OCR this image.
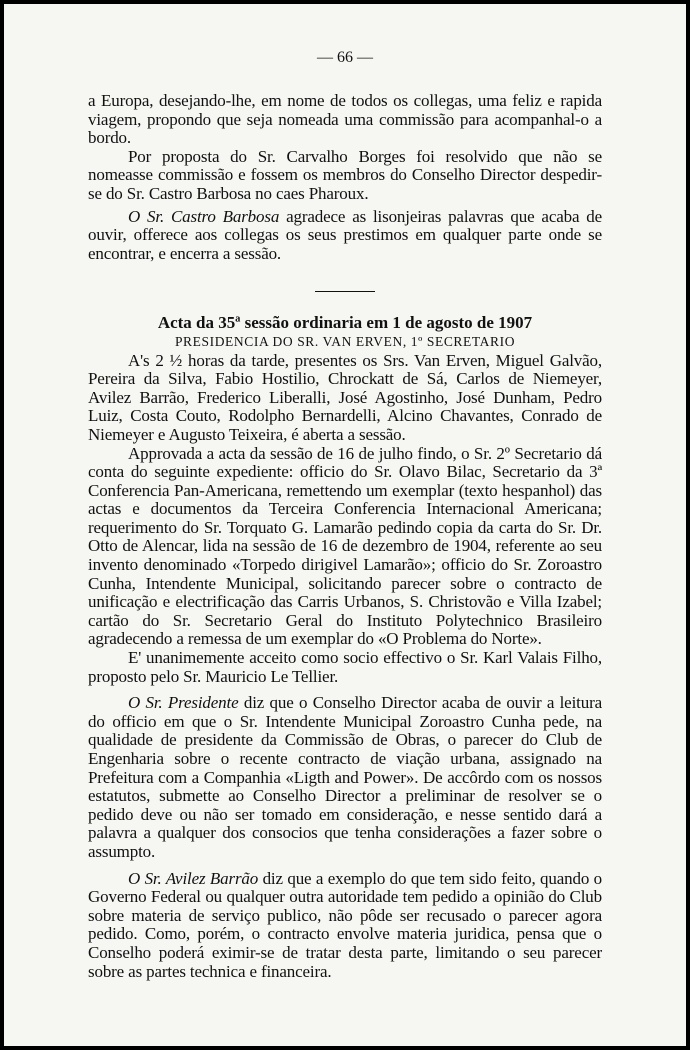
— 66 —

a Europa, desejando-lhe, em nome de todos os collegas, uma feliz e rapida viagem, propondo que seja nomeada uma commissão para acompanhal-o a bordo.

Por proposta do Sr. Carvalho Borges foi resolvido que não se nomeasse commissão e fossem os membros do Conselho Director despedir-se do Sr. Castro Barbosa no caes Pharoux.

O Sr. Castro Barbosa agradece as lisonjeiras palavras que acaba de ouvir, offerece aos collegas os seus prestimos em qualquer parte onde se encontrar, e encerra a sessão.

Acta da 35ª sessão ordinaria em 1 de agosto de 1907

PRESIDENCIA DO SR. VAN ERVEN, 1º SECRETARIO

A's 2 ½ horas da tarde, presentes os Srs. Van Erven, Miguel Galvão, Pereira da Silva, Fabio Hostilio, Chrockatt de Sá, Carlos de Niemeyer, Avilez Barrão, Frederico Liberalli, José Agostinho, José Dunham, Pedro Luiz, Costa Couto, Rodolpho Bernardelli, Alcino Chavantes, Conrado de Niemeyer e Augusto Teixeira, é aberta a sessão.

Approvada a acta da sessão de 16 de julho findo, o Sr. 2º Secretario dá conta do seguinte expediente: officio do Sr. Olavo Bilac, Secretario da 3ª Conferencia Pan-Americana, remettendo um exemplar (texto hespanhol) das actas e documentos da Terceira Conferencia Internacional Americana; requerimento do Sr. Torquato G. Lamarão pedindo copia da carta do Sr. Dr. Otto de Alencar, lida na sessão de 16 de dezembro de 1904, referente ao seu invento denominado «Torpedo dirigivel Lamarão»; officio do Sr. Zoroastro Cunha, Intendente Municipal, solicitando parecer sobre o contracto de unificação e electrificação das Carris Urbanos, S. Christovão e Villa Izabel; cartão do Sr. Secretario Geral do Instituto Polytechnico Brasileiro agradecendo a remessa de um exemplar do «O Problema do Norte».

E' unanimemente acceito como socio effectivo o Sr. Karl Valais Filho, proposto pelo Sr. Mauricio Le Tellier.

O Sr. Presidente diz que o Conselho Director acaba de ouvir a leitura do officio em que o Sr. Intendente Municipal Zoroastro Cunha pede, na qualidade de presidente da Commissão de Obras, o parecer do Club de Engenharia sobre o recente contracto de viação urbana, assignado na Prefeitura com a Companhia «Ligth and Power». De accôrdo com os nossos estatutos, submette ao Conselho Director a preliminar de resolver se o pedido deve ou não ser tomado em consideração, e nesse sentido dará a palavra a qualquer dos consocios que tenha considerações a fazer sobre o assumpto.

O Sr. Avilez Barrão diz que a exemplo do que tem sido feito, quando o Governo Federal ou qualquer outra autoridade tem pedido a opinião do Club sobre materia de serviço publico, não pôde ser recusado o parecer agora pedido. Como, porém, o contracto envolve materia juridica, pensa que o Conselho poderá eximir-se de tratar desta parte, limitando o seu parecer sobre as partes technica e financeira.
